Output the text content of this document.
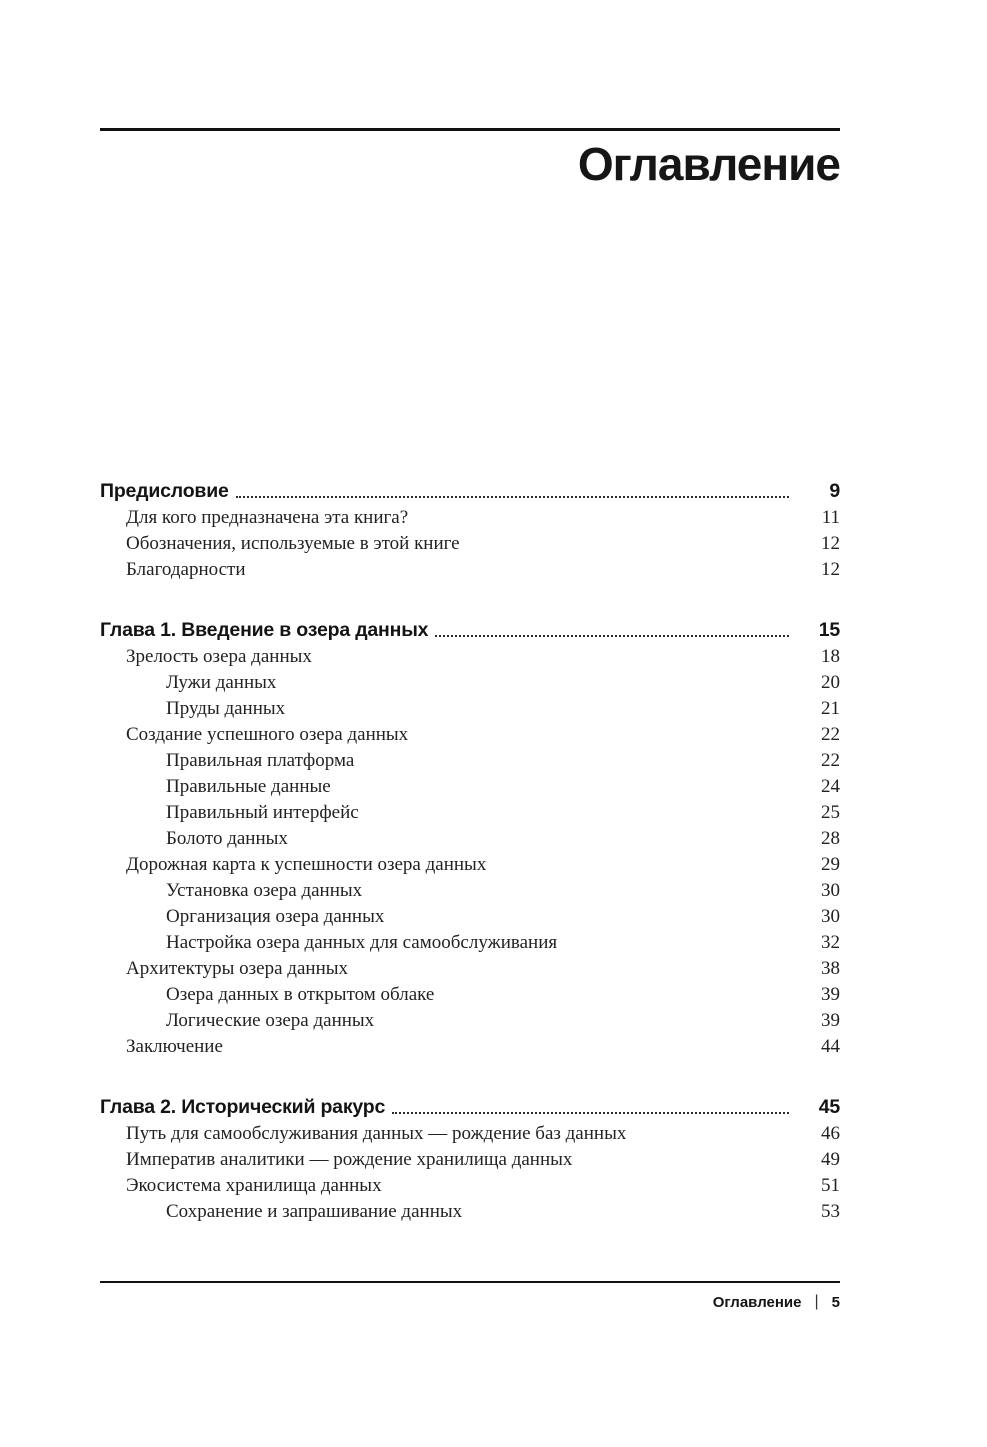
Оглавление
Предисловие	9
Для кого предназначена эта книга?	11
Обозначения, используемые в этой книге	12
Благодарности	12
Глава 1. Введение в озера данных	15
Зрелость озера данных	18
Лужи данных	20
Пруды данных	21
Создание успешного озера данных	22
Правильная платформа	22
Правильные данные	24
Правильный интерфейс	25
Болото данных	28
Дорожная карта к успешности озера данных	29
Установка озера данных	30
Организация озера данных	30
Настройка озера данных для самообслуживания	32
Архитектуры озера данных	38
Озера данных в открытом облаке	39
Логические озера данных	39
Заключение	44
Глава 2. Исторический ракурс	45
Путь для самообслуживания данных — рождение баз данных	46
Императив аналитики — рождение хранилища данных	49
Экосистема хранилища данных	51
Сохранение и запрашивание данных	53
Оглавление | 5
